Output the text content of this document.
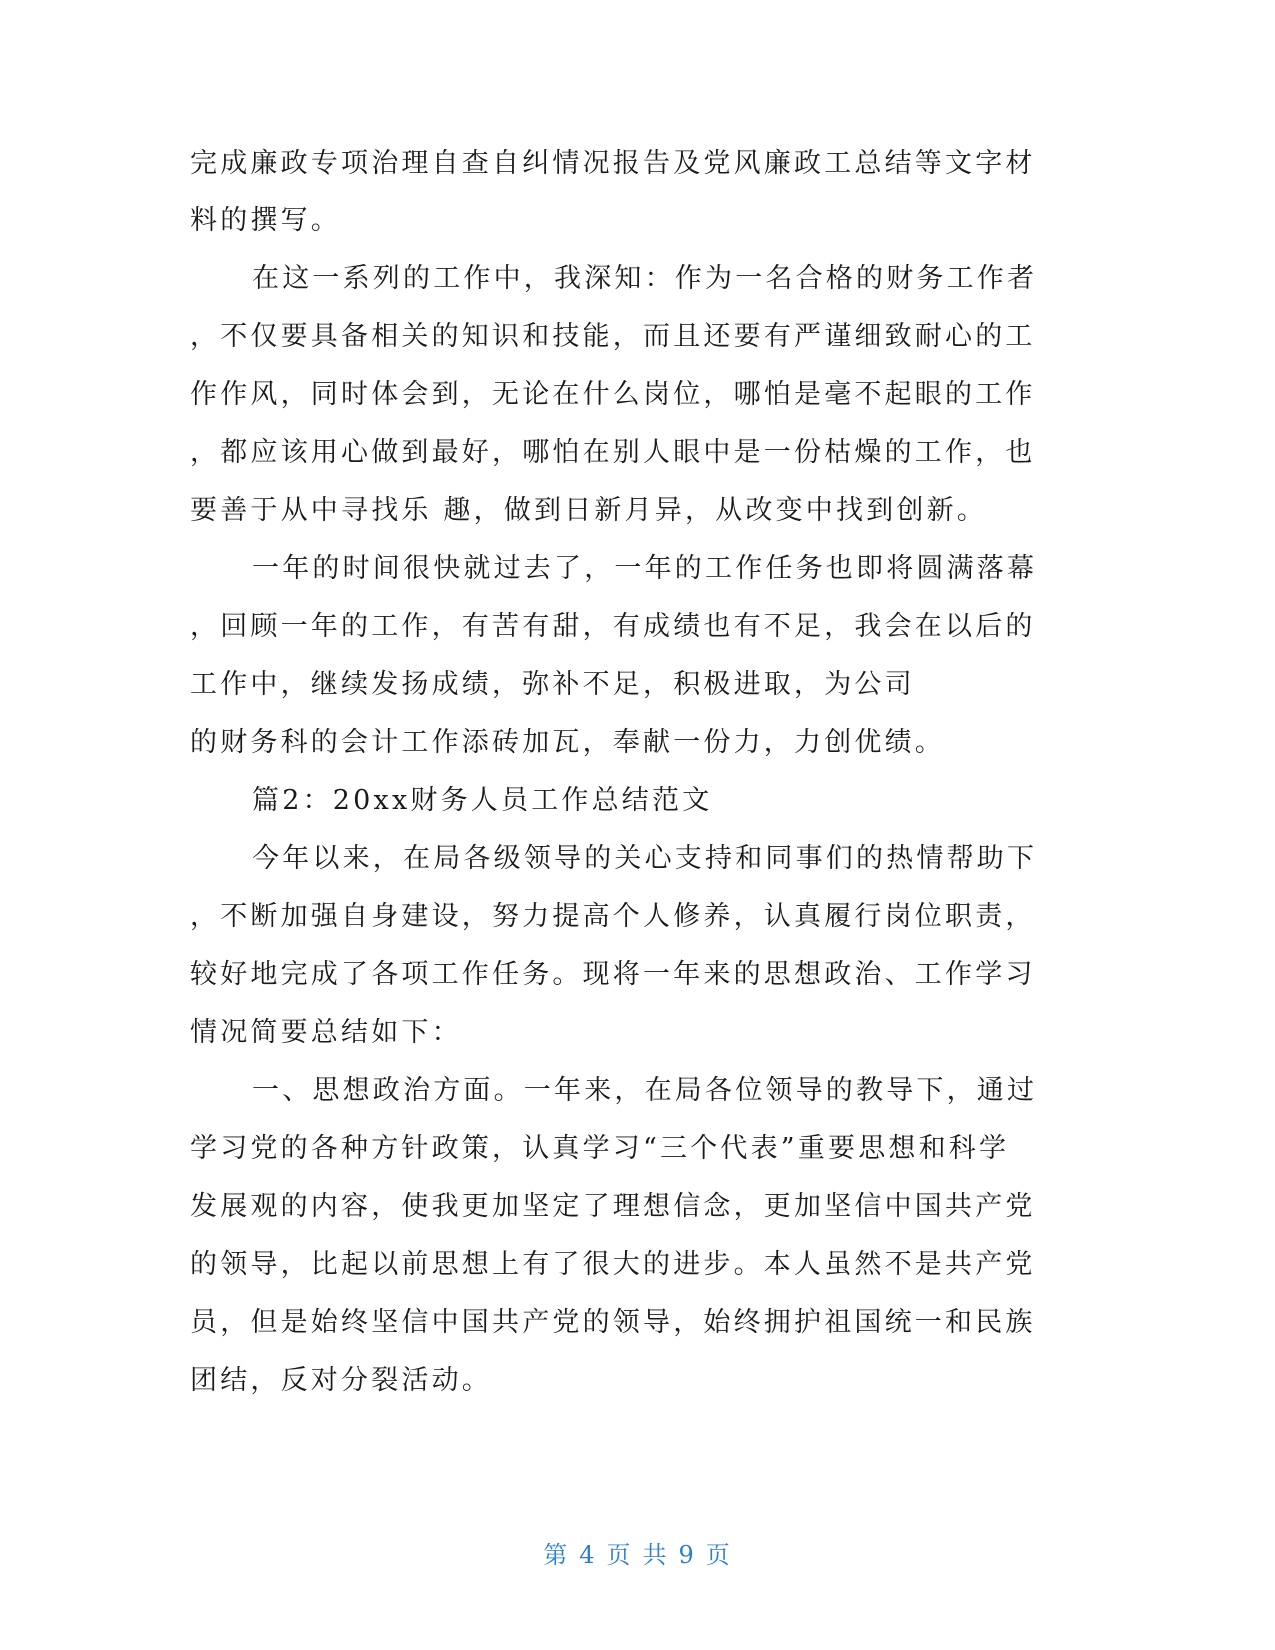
完成廉政专项治理自查自纠情况报告及党风廉政工总结等文字材
料的撰写。
在这一系列的工作中，我深知：作为一名合格的财务工作者
，不仅要具备相关的知识和技能，而且还要有严谨细致耐心的工
作作风，同时体会到，无论在什么岗位，哪怕是毫不起眼的工作
，都应该用心做到最好，哪怕在别人眼中是一份枯燥的工作，也
要善于从中寻找乐 趣，做到日新月异，从改变中找到创新。
一年的时间很快就过去了，一年的工作任务也即将圆满落幕
，回顾一年的工作，有苦有甜，有成绩也有不足，我会在以后的
工作中，继续发扬成绩，弥补不足，积极进取，为公司
的财务科的会计工作添砖加瓦，奉献一份力，力创优绩。
篇2：20xx财务人员工作总结范文
今年以来，在局各级领导的关心支持和同事们的热情帮助下
，不断加强自身建设，努力提高个人修养，认真履行岗位职责，
较好地完成了各项工作任务。现将一年来的思想政治、工作学习
情况简要总结如下：
一、思想政治方面。一年来，在局各位领导的教导下，通过
学习党的各种方针政策，认真学习“三个代表”重要思想和科学
发展观的内容，使我更加坚定了理想信念，更加坚信中国共产党
的领导，比起以前思想上有了很大的进步。本人虽然不是共产党
员，但是始终坚信中国共产党的领导，始终拥护祖国统一和民族
团结，反对分裂活动。
第 4 页 共 9 页
